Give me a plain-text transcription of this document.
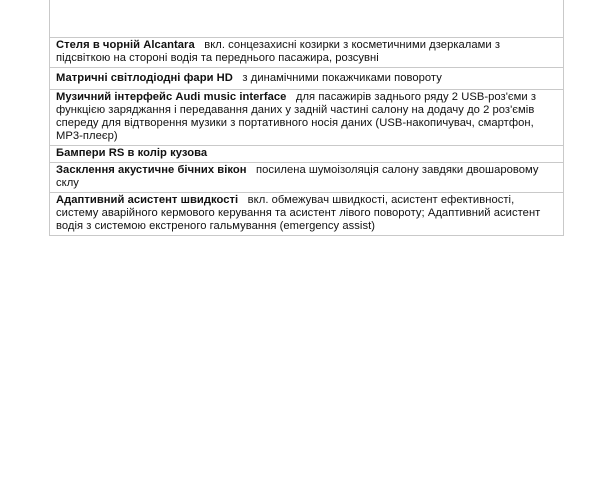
Стеля в чорній Alcantara вкл. сонцезахисні козирки з косметичними дзеркалами з підсвіткою на стороні водія та переднього пасажира, розсувні
Матричні світлодіодні фари HD з динамічними покажчиками повороту
Музичний інтерфейс Audi music interface для пасажирів заднього ряду 2 USB-роз'єми з функцією заряджання і передавання даних у задній частині салону на додачу до 2 роз'ємів спереду для відтворення музики з портативного носія даних (USB-накопичувач, смартфон, MP3-плеєр)
Бампери RS в колір кузова
Засклення акустичне бічних вікон посилена шумоізоляція салону завдяки двошаровому склу
Адаптивний асистент швидкості вкл. обмежувач швидкості, асистент ефективності, систему аварійного кермового керування та асистент лівого повороту; Адаптивний асистент водія з системою екстреного гальмування (emergency assist)
